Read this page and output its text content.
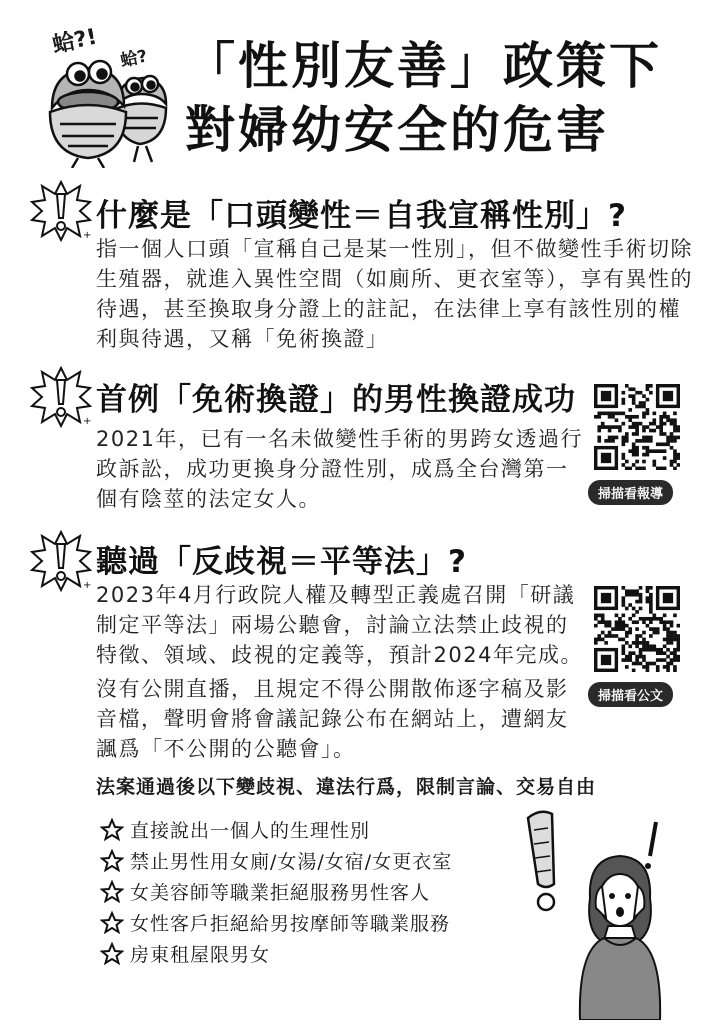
蛤?!
蛤? 「性別友善」政策下
對婦幼安全的危害
+
什麼是「口頭變性＝自我宣稱性別」?
指一個人口頭「宣稱自己是某一性別」，但不做變性手術切除
生殖器，就進入異性空間（如廁所、更衣室等），享有異性的
待遇，甚至換取身分證上的註記，在法律上享有該性別的權
利與待遇，又稱「免術換證」
+
首例「免術換證」的男性換證成功
2021年，已有一名未做變性手術的男跨女透過行
政訴訟，成功更換身分證性別，成爲全台灣第一
個有陰莖的法定女人。	掃描看報導
+
聽過「反歧視＝平等法」?
2023年4月行政院人權及轉型正義處召開「研議
制定平等法」兩場公聽會，討論立法禁止歧視的
特徵、領域、歧視的定義等，預計2024年完成。
沒有公開直播，且規定不得公開散佈逐字稿及影
音檔，聲明會將會議記錄公布在網站上，遭網友
諷爲「不公開的公聽會」。
掃描看公文
法案通過後以下變歧視、違法行爲，限制言論、交易自由
直接說出一個人的生理性別
禁止男性用女廁/女湯/女宿/女更衣室
女美容師等職業拒絕服務男性客人
女性客戶拒絕給男按摩師等職業服務
房東租屋限男女
